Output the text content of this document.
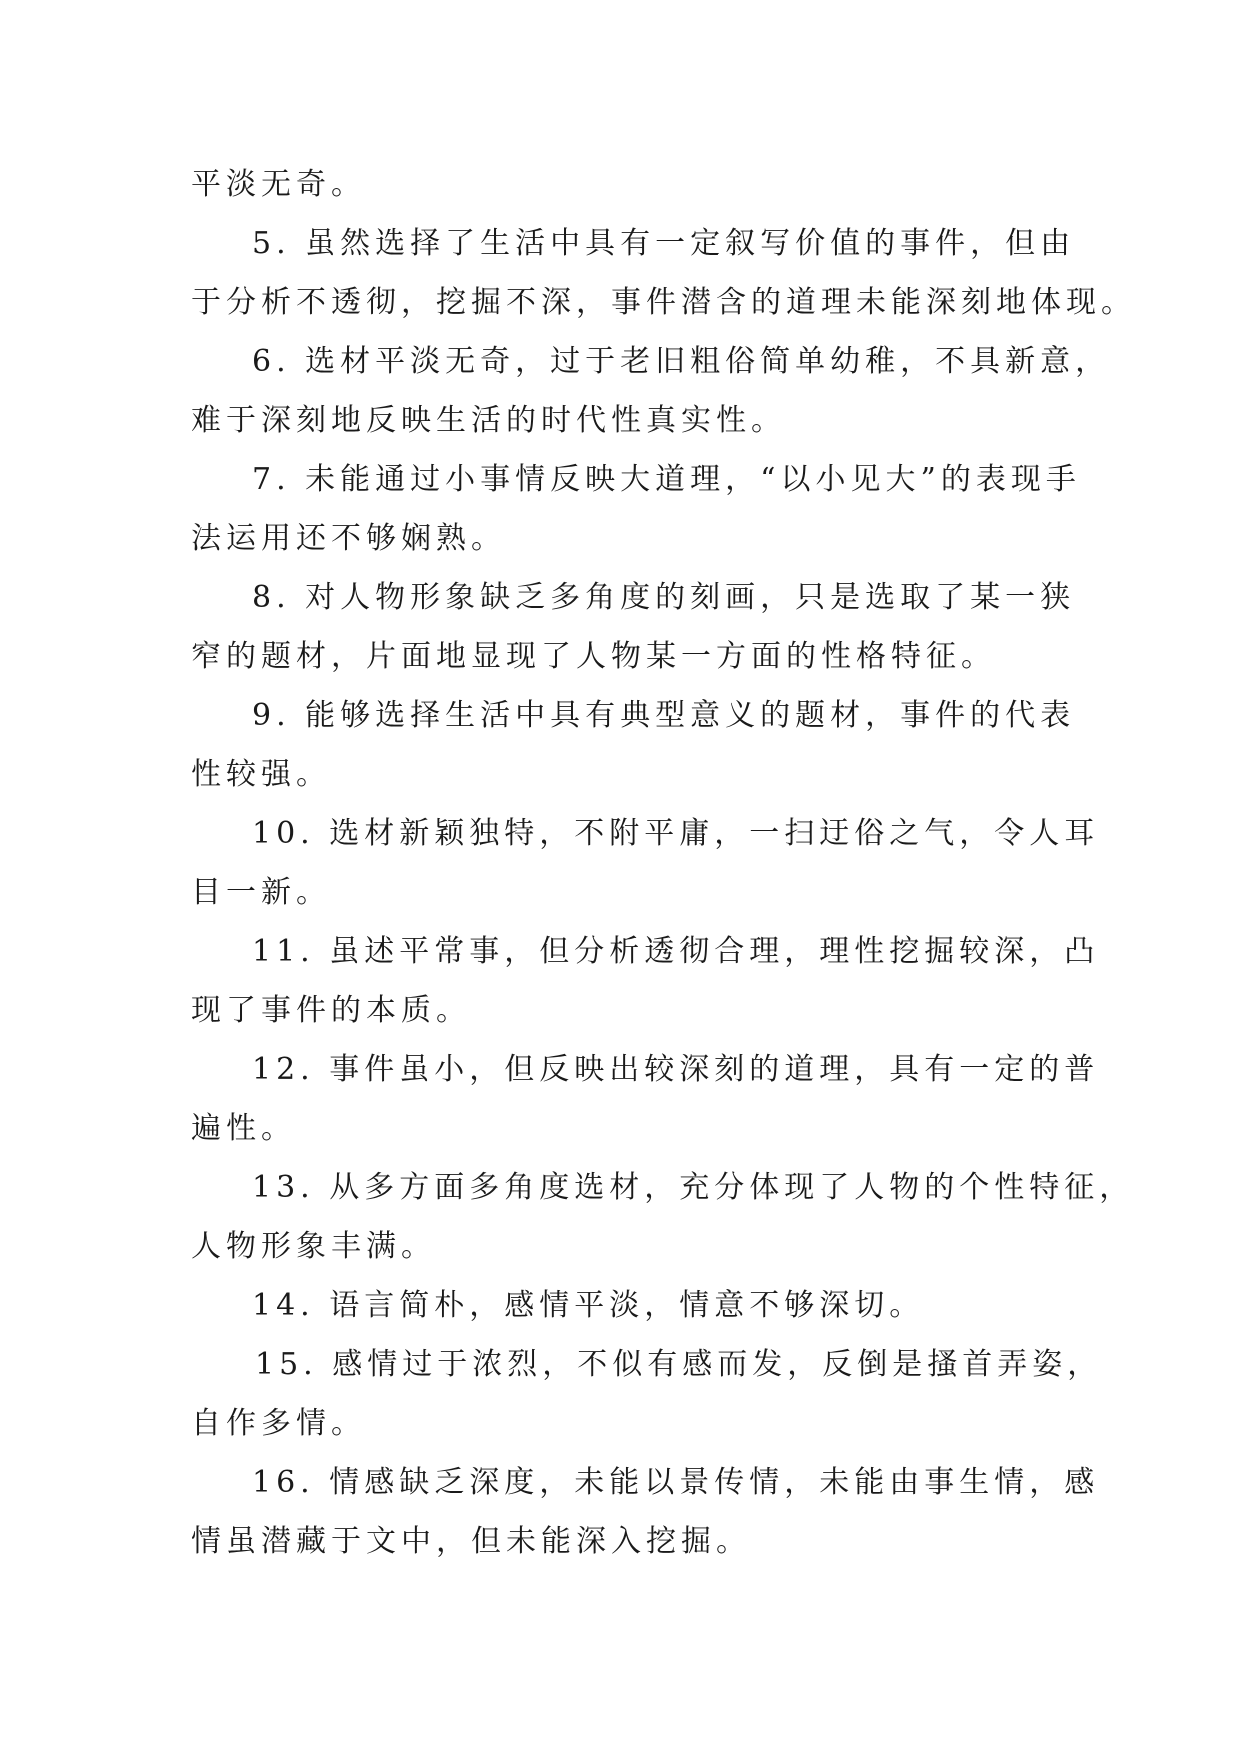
平淡无奇。
5. 虽然选择了生活中具有一定叙写价值的事件，但由
于分析不透彻，挖掘不深，事件潜含的道理未能深刻地体现。
6. 选材平淡无奇，过于老旧粗俗简单幼稚，不具新意，
难于深刻地反映生活的时代性真实性。
7. 未能通过小事情反映大道理，“以小见大”的表现手
法运用还不够娴熟。
8. 对人物形象缺乏多角度的刻画，只是选取了某一狭
窄的题材，片面地显现了人物某一方面的性格特征。
9. 能够选择生活中具有典型意义的题材，事件的代表
性较强。
10. 选材新颖独特，不附平庸，一扫迂俗之气，令人耳
目一新。
11. 虽述平常事，但分析透彻合理，理性挖掘较深，凸
现了事件的本质。
12. 事件虽小，但反映出较深刻的道理，具有一定的普
遍性。
13. 从多方面多角度选材，充分体现了人物的个性特征，
人物形象丰满。
14. 语言简朴，感情平淡，情意不够深切。
15. 感情过于浓烈，不似有感而发，反倒是搔首弄姿，
自作多情。
16. 情感缺乏深度，未能以景传情，未能由事生情，感
情虽潜藏于文中，但未能深入挖掘。
